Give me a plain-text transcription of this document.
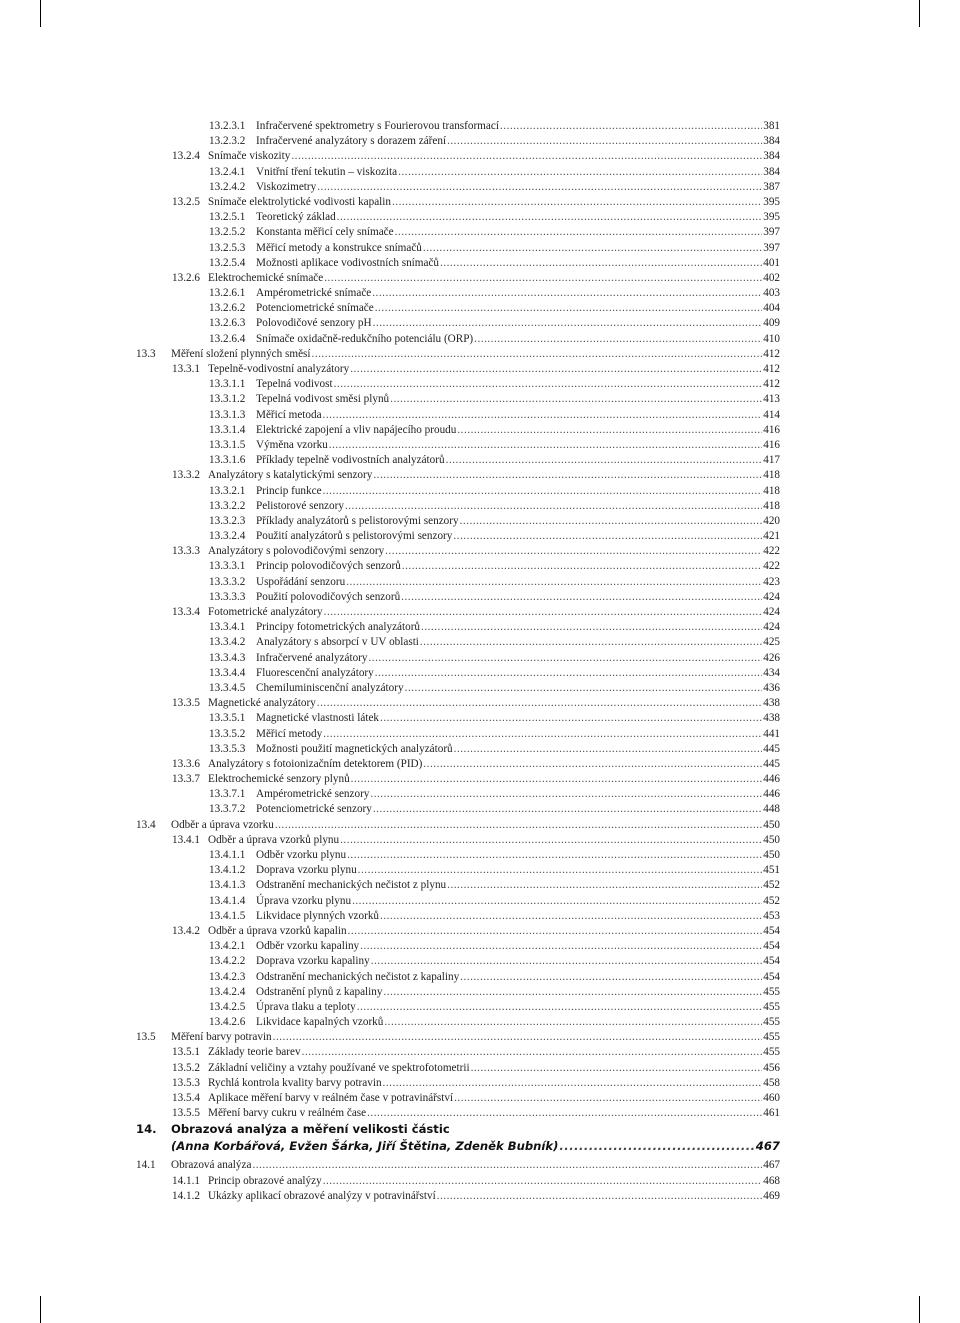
13.2.3.1 Infračervené spektrometry s Fourierovou transformací .....	381
13.2.3.2 Infračervené analyzátory s dorazem záření .....	384
13.2.4 Snímače viskozity .....	384
13.2.4.1 Vnitřní tření tekutin – viskozita .....	384
13.2.4.2 Viskozimetry .....	387
13.2.5 Snímače elektrolytické vodivosti kapalin .....	395
13.2.5.1 Teoretický základ .....	395
13.2.5.2 Konstanta měřicí cely snímače .....	397
13.2.5.3 Měřicí metody a konstrukce snímačů .....	397
13.2.5.4 Možnosti aplikace vodivostních snímačů .....	401
13.2.6 Elektrochemické snímače .....	402
13.2.6.1 Ampérometrické snímače .....	403
13.2.6.2 Potenciometrické snímače .....	404
13.2.6.3 Polovodičové senzory pH .....	409
13.2.6.4 Snímače oxidačně-redukčního potenciálu (ORP) .....	410
13.3 Měření složení plynných směsí .....	412
13.3.1 Tepelně-vodivostní analyzátory .....	412
13.3.1.1 Tepelná vodivost .....	412
13.3.1.2 Tepelná vodivost směsi plynů .....	413
13.3.1.3 Měřicí metoda .....	414
13.3.1.4 Elektrické zapojení a vliv napájecího proudu .....	416
13.3.1.5 Výměna vzorku .....	416
13.3.1.6 Příklady tepelně vodivostních analyzátorů .....	417
13.3.2 Analyzátory s katalytickými senzory .....	418
13.3.2.1 Princip funkce .....	418
13.3.2.2 Pelistorové senzory .....	418
13.3.2.3 Příklady analyzátorů s pelistorovými senzory .....	420
13.3.2.4 Použití analyzátorů s pelistorovými senzory .....	421
13.3.3 Analyzátory s polovodičovými senzory .....	422
13.3.3.1 Princip polovodičových senzorů .....	422
13.3.3.2 Uspořádání senzoru .....	423
13.3.3.3 Použití polovodičových senzorů .....	424
13.3.4 Fotometrické analyzátory .....	424
13.3.4.1 Principy fotometrických analyzátorů .....	424
13.3.4.2 Analyzátory s absorpcí v UV oblasti .....	425
13.3.4.3 Infračervené analyzátory .....	426
13.3.4.4 Fluorescenční analyzátory .....	434
13.3.4.5 Chemiluminiscenční analyzátory .....	436
13.3.5 Magnetické analyzátory .....	438
13.3.5.1 Magnetické vlastnosti látek .....	438
13.3.5.2 Měřicí metody .....	441
13.3.5.3 Možnosti použití magnetických analyzátorů .....	445
13.3.6 Analyzátory s fotoionizačním detektorem (PID) .....	445
13.3.7 Elektrochemické senzory plynů .....	446
13.3.7.1 Ampérometrické senzory .....	446
13.3.7.2 Potenciometrické senzory .....	448
13.4 Odběr a úprava vzorku .....	450
13.4.1 Odběr a úprava vzorků plynu .....	450
13.4.1.1 Odběr vzorku plynu .....	450
13.4.1.2 Doprava vzorku plynu .....	451
13.4.1.3 Odstranění mechanických nečistot z plynu .....	452
13.4.1.4 Úprava vzorku plynu .....	452
13.4.1.5 Likvidace plynných vzorků .....	453
13.4.2 Odběr a úprava vzorků kapalin .....	454
13.4.2.1 Odběr vzorku kapaliny .....	454
13.4.2.2 Doprava vzorku kapaliny .....	454
13.4.2.3 Odstranění mechanických nečistot z kapaliny .....	454
13.4.2.4 Odstranění plynů z kapaliny .....	455
13.4.2.5 Úprava tlaku a teploty .....	455
13.4.2.6 Likvidace kapalných vzorků .....	455
13.5 Měření barvy potravin .....	455
13.5.1 Základy teorie barev .....	455
13.5.2 Základní veličiny a vztahy používané ve spektrofotometrii .....	456
13.5.3 Rychlá kontrola kvality barvy potravin .....	458
13.5.4 Aplikace měření barvy v reálném čase v potravinářství .....	460
13.5.5 Měření barvy cukru v reálném čase .....	461
14. Obrazová analýza a měření velikosti částic
(Anna Korbářová, Evžen Šárka, Jiří Štětina, Zdeněk Bubník) .....	467
14.1 Obrazová analýza .....	467
14.1.1 Princip obrazové analýzy .....	468
14.1.2 Ukázky aplikací obrazové analýzy v potravinářství .....	469
